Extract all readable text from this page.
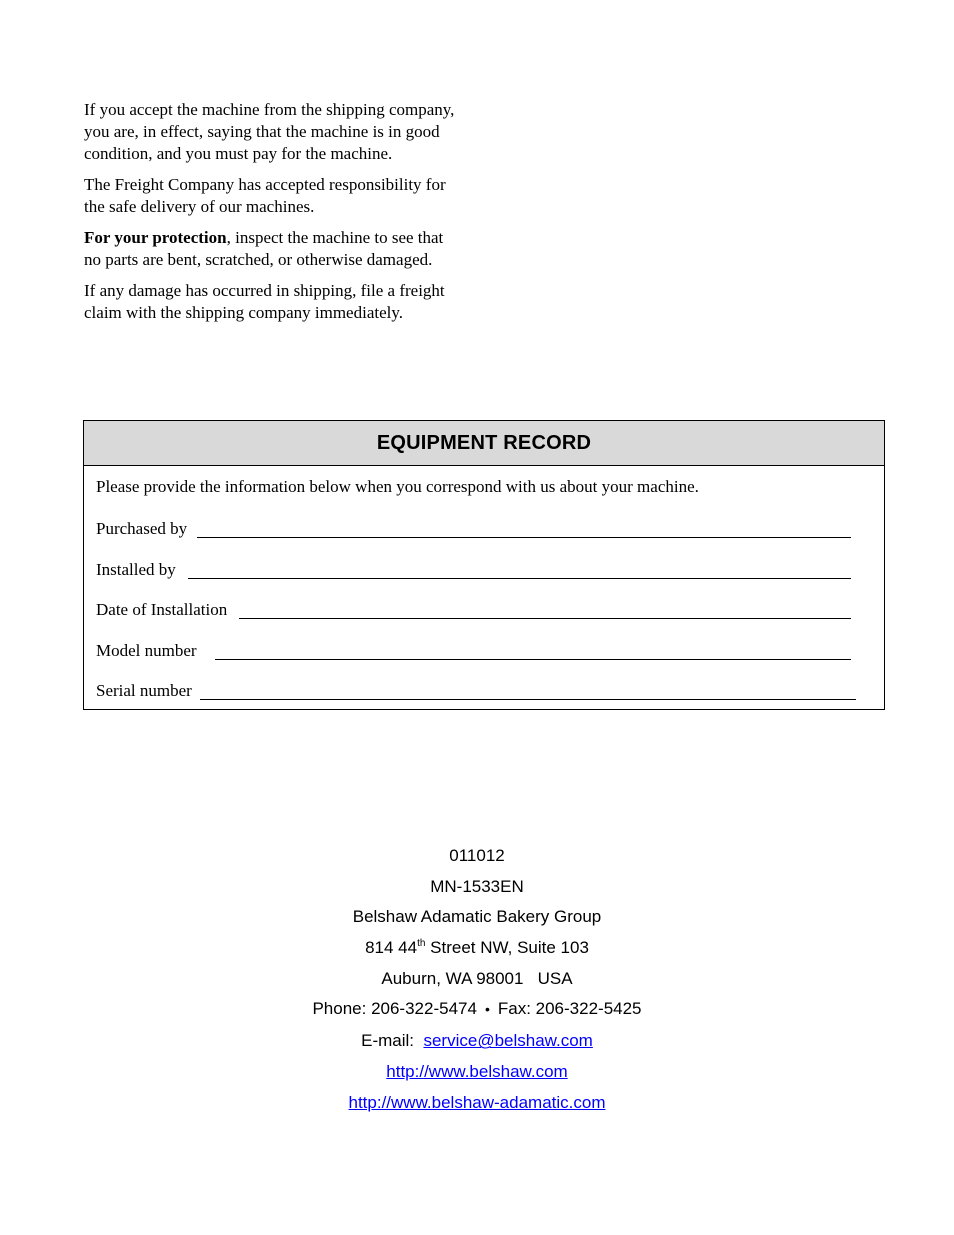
If you accept the machine from the shipping company, you are, in effect, saying that the machine is in good condition, and you must pay for the machine.

The Freight Company has accepted responsibility for the safe delivery of our machines.

For your protection, inspect the machine to see that no parts are bent, scratched, or otherwise damaged.

If any damage has occurred in shipping, file a freight claim with the shipping company immediately.

EQUIPMENT RECORD
Please provide the information below when you correspond with us about your machine.
Purchased by
Installed by
Date of Installation
Model number
Serial number
011012
MN-1533EN
Belshaw Adamatic Bakery Group
814 44th Street NW, Suite 103
Auburn, WA 98001   USA
Phone: 206-322-5474 • Fax: 206-322-5425
E-mail:  service@belshaw.com
http://www.belshaw.com
http://www.belshaw-adamatic.com
